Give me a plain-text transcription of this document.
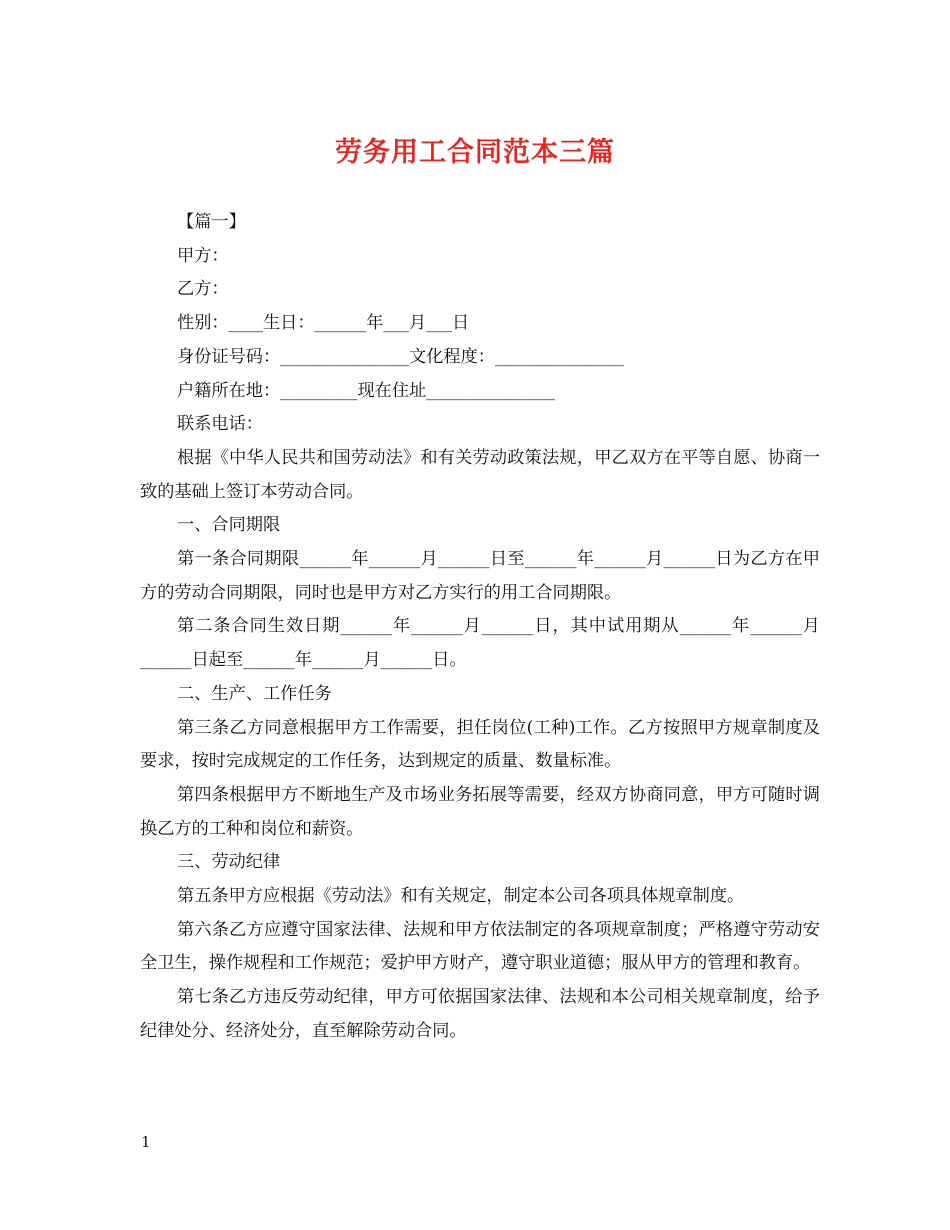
劳务用工合同范本三篇

【篇一】

甲方：

乙方：

性别：____生日：______年___月___日

身份证号码：_______________文化程度：_______________

户籍所在地：_________现在住址_______________

联系电话：

根据《中华人民共和国劳动法》和有关劳动政策法规，甲乙双方在平等自愿、协商一致的基础上签订本劳动合同。

一、合同期限

第一条合同期限______年______月______日至______年______月______日为乙方在甲方的劳动合同期限，同时也是甲方对乙方实行的用工合同期限。

第二条合同生效日期______年______月______日，其中试用期从______年______月______日起至______年______月______日。

二、生产、工作任务

第三条乙方同意根据甲方工作需要，担任岗位(工种)工作。乙方按照甲方规章制度及要求，按时完成规定的工作任务，达到规定的质量、数量标准。

第四条根据甲方不断地生产及市场业务拓展等需要，经双方协商同意，甲方可随时调换乙方的工种和岗位和薪资。

三、劳动纪律

第五条甲方应根据《劳动法》和有关规定，制定本公司各项具体规章制度。

第六条乙方应遵守国家法律、法规和甲方依法制定的各项规章制度；严格遵守劳动安全卫生，操作规程和工作规范；爱护甲方财产，遵守职业道德；服从甲方的管理和教育。

第七条乙方违反劳动纪律，甲方可依据国家法律、法规和本公司相关规章制度，给予纪律处分、经济处分，直至解除劳动合同。

1
